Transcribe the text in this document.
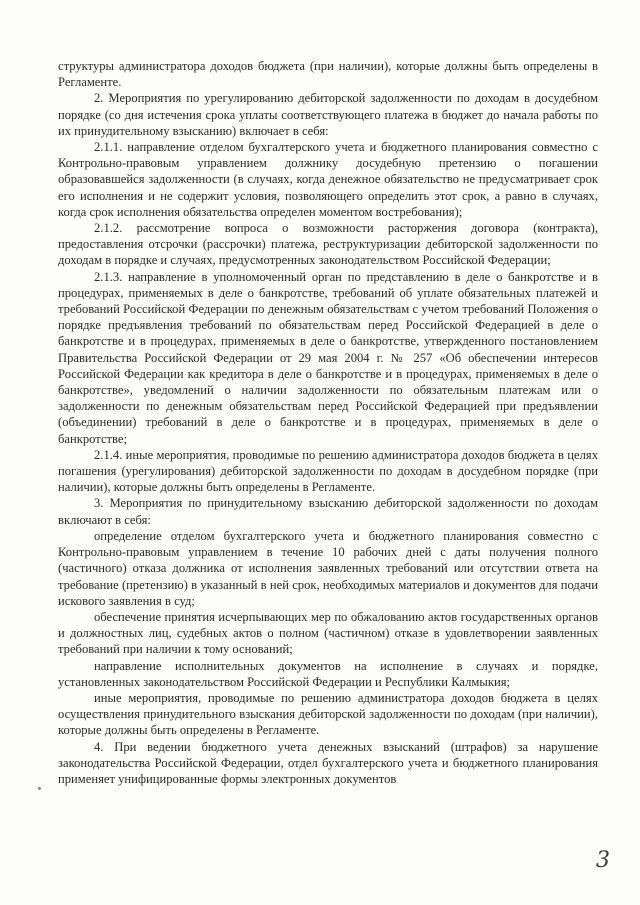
структуры администратора доходов бюджета (при наличии), которые должны быть определены в Регламенте.

2. Мероприятия по урегулированию дебиторской задолженности по доходам в досудебном порядке (со дня истечения срока уплаты соответствующего платежа в бюджет до начала работы по их принудительному взысканию) включает в себя:

2.1.1. направление отделом бухгалтерского учета и бюджетного планирования совместно с Контрольно-правовым управлением должнику досудебную претензию о погашении образовавшейся задолженности (в случаях, когда денежное обязательство не предусматривает срок его исполнения и не содержит условия, позволяющего определить этот срок, а равно в случаях, когда срок исполнения обязательства определен моментом востребования);

2.1.2. рассмотрение вопроса о возможности расторжения договора (контракта), предоставления отсрочки (рассрочки) платежа, реструктуризации дебиторской задолженности по доходам в порядке и случаях, предусмотренных законодательством Российской Федерации;

2.1.3. направление в уполномоченный орган по представлению в деле о банкротстве и в процедурах, применяемых в деле о банкротстве, требований об уплате обязательных платежей и требований Российской Федерации по денежным обязательствам с учетом требований Положения о порядке предъявления требований по обязательствам перед Российской Федерацией в деле о банкротстве и в процедурах, применяемых в деле о банкротстве, утвержденного постановлением Правительства Российской Федерации от 29 мая 2004 г. № 257 «Об обеспечении интересов Российской Федерации как кредитора в деле о банкротстве и в процедурах, применяемых в деле о банкротстве», уведомлений о наличии задолженности по обязательным платежам или о задолженности по денежным обязательствам перед Российской Федерацией при предъявлении (объединении) требований в деле о банкротстве и в процедурах, применяемых в деле о банкротстве;

2.1.4. иные мероприятия, проводимые по решению администратора доходов бюджета в целях погашения (урегулирования) дебиторской задолженности по доходам в досудебном порядке (при наличии), которые должны быть определены в Регламенте.

3. Мероприятия по принудительному взысканию дебиторской задолженности по доходам включают в себя:

определение отделом бухгалтерского учета и бюджетного планирования совместно с Контрольно-правовым управлением в течение 10 рабочих дней с даты получения полного (частичного) отказа должника от исполнения заявленных требований или отсутствии ответа на требование (претензию) в указанный в ней срок, необходимых материалов и документов для подачи искового заявления в суд;

обеспечение принятия исчерпывающих мер по обжалованию актов государственных органов и должностных лиц, судебных актов о полном (частичном) отказе в удовлетворении заявленных требований при наличии к тому оснований;

направление исполнительных документов на исполнение в случаях и порядке, установленных законодательством Российской Федерации и Республики Калмыкия;

иные мероприятия, проводимые по решению администратора доходов бюджета в целях осуществления принудительного взыскания дебиторской задолженности по доходам (при наличии), которые должны быть определены в Регламенте.

4. При ведении бюджетного учета денежных взысканий (штрафов) за нарушение законодательства Российской Федерации, отдел бухгалтерского учета и бюджетного планирования применяет унифицированные формы электронных документов

3
